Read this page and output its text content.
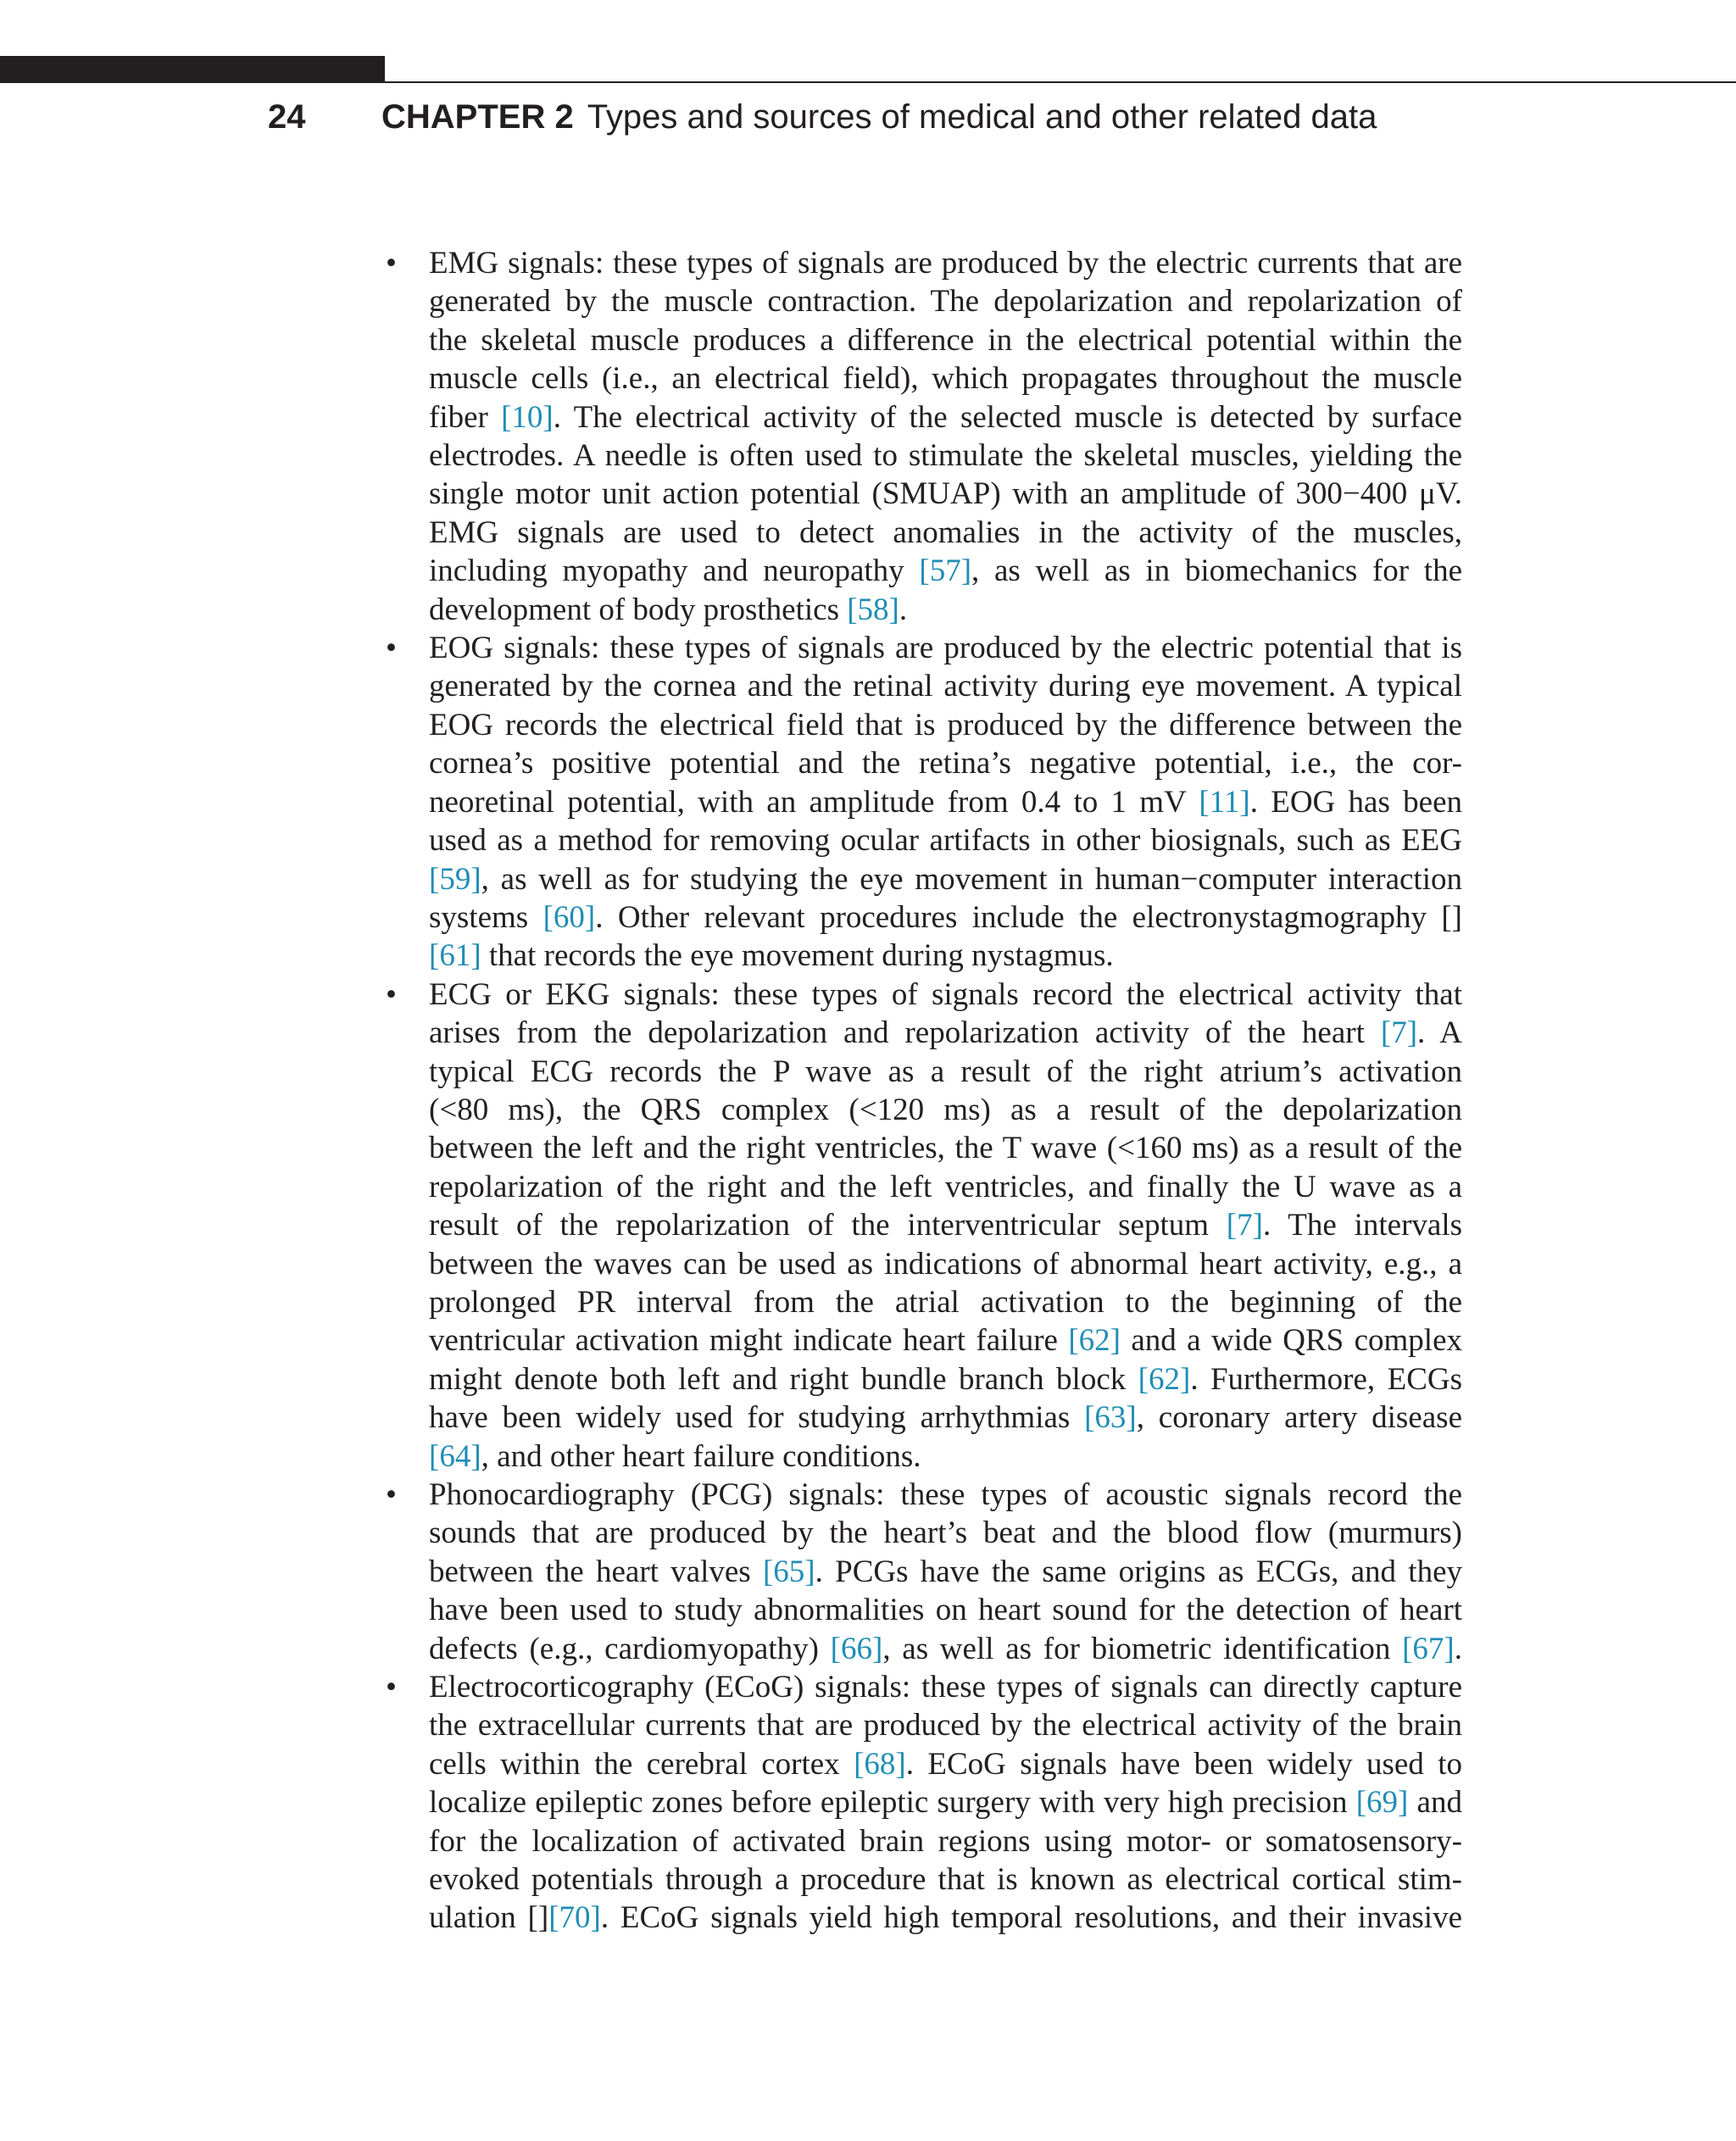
24 CHAPTER 2 Types and sources of medical and other related data
• EMG signals: these types of signals are produced by the electric currents that are
generated by the muscle contraction. The depolarization and repolarization of
the skeletal muscle produces a difference in the electrical potential within the
muscle cells (i.e., an electrical field), which propagates throughout the muscle
fiber [10]. The electrical activity of the selected muscle is detected by surface
electrodes. A needle is often used to stimulate the skeletal muscles, yielding the
single motor unit action potential (SMUAP) with an amplitude of 300−400 μV.
EMG signals are used to detect anomalies in the activity of the muscles,
including myopathy and neuropathy [57], as well as in biomechanics for the
development of body prosthetics [58].
• EOG signals: these types of signals are produced by the electric potential that is
generated by the cornea and the retinal activity during eye movement. A typical
EOG records the electrical field that is produced by the difference between the
cornea’s positive potential and the retina’s negative potential, i.e., the cor-
neoretinal potential, with an amplitude from 0.4 to 1 mV [11]. EOG has been
used as a method for removing ocular artifacts in other biosignals, such as EEG
[59], as well as for studying the eye movement in human−computer interaction
systems [60]. Other relevant procedures include the electronystagmography []
[61] that records the eye movement during nystagmus.
• ECG or EKG signals: these types of signals record the electrical activity that
arises from the depolarization and repolarization activity of the heart [7]. A
typical ECG records the P wave as a result of the right atrium’s activation
(<80 ms), the QRS complex (<120 ms) as a result of the depolarization
between the left and the right ventricles, the T wave (<160 ms) as a result of the
repolarization of the right and the left ventricles, and finally the U wave as a
result of the repolarization of the interventricular septum [7]. The intervals
between the waves can be used as indications of abnormal heart activity, e.g., a
prolonged PR interval from the atrial activation to the beginning of the
ventricular activation might indicate heart failure [62] and a wide QRS complex
might denote both left and right bundle branch block [62]. Furthermore, ECGs
have been widely used for studying arrhythmias [63], coronary artery disease
[64], and other heart failure conditions.
• Phonocardiography (PCG) signals: these types of acoustic signals record the
sounds that are produced by the heart’s beat and the blood flow (murmurs)
between the heart valves [65]. PCGs have the same origins as ECGs, and they
have been used to study abnormalities on heart sound for the detection of heart
defects (e.g., cardiomyopathy) [66], as well as for biometric identification [67].
• Electrocorticography (ECoG) signals: these types of signals can directly capture
the extracellular currents that are produced by the electrical activity of the brain
cells within the cerebral cortex [68]. ECoG signals have been widely used to
localize epileptic zones before epileptic surgery with very high precision [69] and
for the localization of activated brain regions using motor- or somatosensory-
evoked potentials through a procedure that is known as electrical cortical stim-
ulation [][70]. ECoG signals yield high temporal resolutions, and their invasive
